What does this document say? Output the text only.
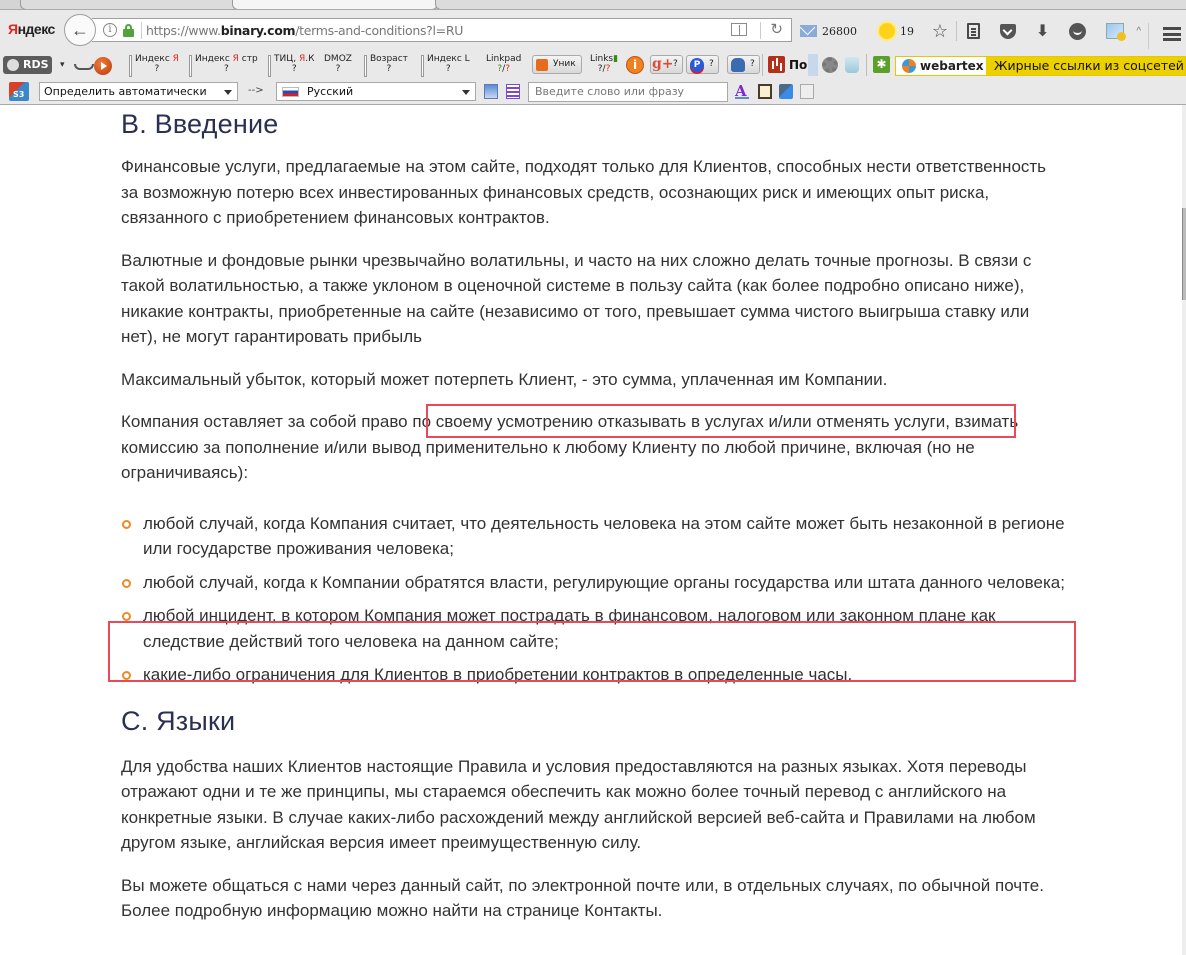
Яндекс	i	https://www.binary.com/terms-and-conditions?l=RU	↻
←	26800	19 ☆	⬇	^
RDS	▾
Индекс Я
?
Индекс Я стр
?
ТИЦ, Я.К
?
DMOZ
?
Возраст
?
Индекс L
?
Linkpad
?/?	Уник	Links▮
?/?	i	g+ ?	P ?	?	По	✱	webartex Жирные ссылки из соцсетей
S3	Определить автоматически	-->	Русский	Введите слово или фразу	A
В. Введение

Финансовые услуги, предлагаемые на этом сайте, подходят только для Клиентов, способных нести ответственность за возможную потерю всех инвестированных финансовых средств, осознающих риск и имеющих опыт риска, связанного с приобретением финансовых контрактов.

Валютные и фондовые рынки чрезвычайно волатильны, и часто на них сложно делать точные прогнозы. В связи с такой волатильностью, а также уклоном в оценочной системе в пользу сайта (как более подробно описано ниже), никакие контракты, приобретенные на сайте (независимо от того, превышает сумма чистого выигрыша ставку или нет), не могут гарантировать прибыль

Максимальный убыток, который может потерпеть Клиент, - это сумма, уплаченная им Компании.

Компания оставляет за собой право по своему усмотрению отказывать в услугах и/или отменять услуги, взимать комиссию за пополнение и/или вывод применительно к любому Клиенту по любой причине, включая (но не ограничиваясь):

любой случай, когда Компания считает, что деятельность человека на этом сайте может быть незаконной в регионе или государстве проживания человека;
любой случай, когда к Компании обратятся власти, регулирующие органы государства или штата данного человека;
любой инцидент, в котором Компания может пострадать в финансовом, налоговом или законном плане как следствие действий того человека на данном сайте;
какие-либо ограничения для Клиентов в приобретении контрактов в определенные часы.
С. Языки

Для удобства наших Клиентов настоящие Правила и условия предоставляются на разных языках. Хотя переводы отражают одни и те же принципы, мы стараемся обеспечить как можно более точный перевод с английского на конкретные языки. В случае каких-либо расхождений между английской версией веб-сайта и Правилами на любом другом языке, английская версия имеет преимущественную силу.

Вы можете общаться с нами через данный сайт, по электронной почте или, в отдельных случаях, по обычной почте. Более подробную информацию можно найти на странице Контакты.
